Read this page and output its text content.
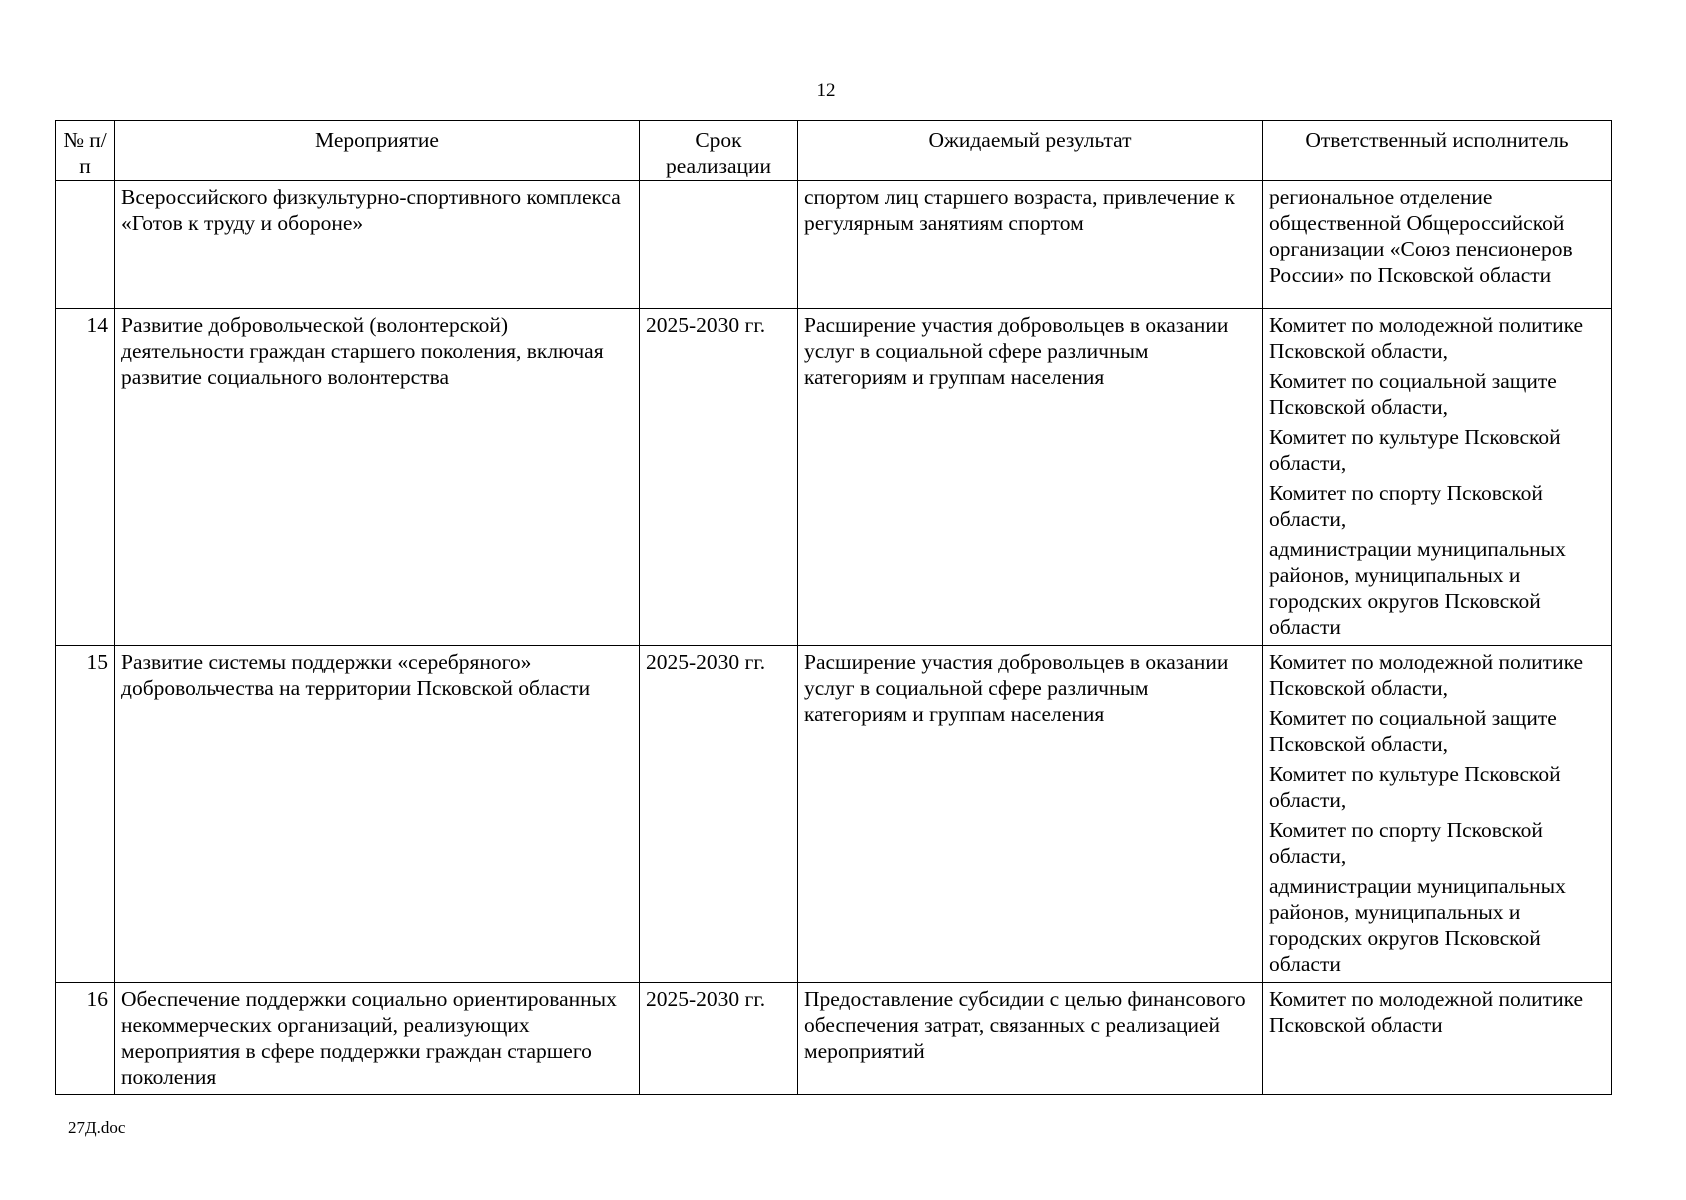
12
№ п/п	Мероприятие	Срок реализации	Ожидаемый результат	Ответственный исполнитель
	Всероссийского физкультурно-спортивного комплекса «Готов к труду и обороне»		спортом лиц старшего возраста, привлечение к регулярным занятиям спортом	региональное отделение общественной Общероссийской организации «Союз пенсионеров России» по Псковской области

14	Развитие добровольческой (волонтерской) деятельности граждан старшего поколения, включая развитие социального волонтерства	2025-2030 гг.	Расширение участия добровольцев в оказании услуг в социальной сфере различным категориям и группам населения	Комитет по молодежной политике Псковской области,
Комитет по социальной защите Псковской области,
Комитет по культуре Псковской области,
Комитет по спорту Псковской области,
администрации муниципальных районов, муниципальных и городских округов Псковской области

15	Развитие системы поддержки «серебряного» добровольчества на территории Псковской области	2025-2030 гг.	Расширение участия добровольцев в оказании услуг в социальной сфере различным категориям и группам населения	Комитет по молодежной политике Псковской области,
Комитет по социальной защите Псковской области,
Комитет по культуре Псковской области,
Комитет по спорту Псковской области,
администрации муниципальных районов, муниципальных и городских округов Псковской области

16	Обеспечение поддержки социально ориентированных некоммерческих организаций, реализующих мероприятия в сфере поддержки граждан старшего поколения	2025-2030 гг.	Предоставление субсидии с целью финансового обеспечения затрат, связанных с реализацией мероприятий	Комитет по молодежной политике Псковской области
27Д.doc
